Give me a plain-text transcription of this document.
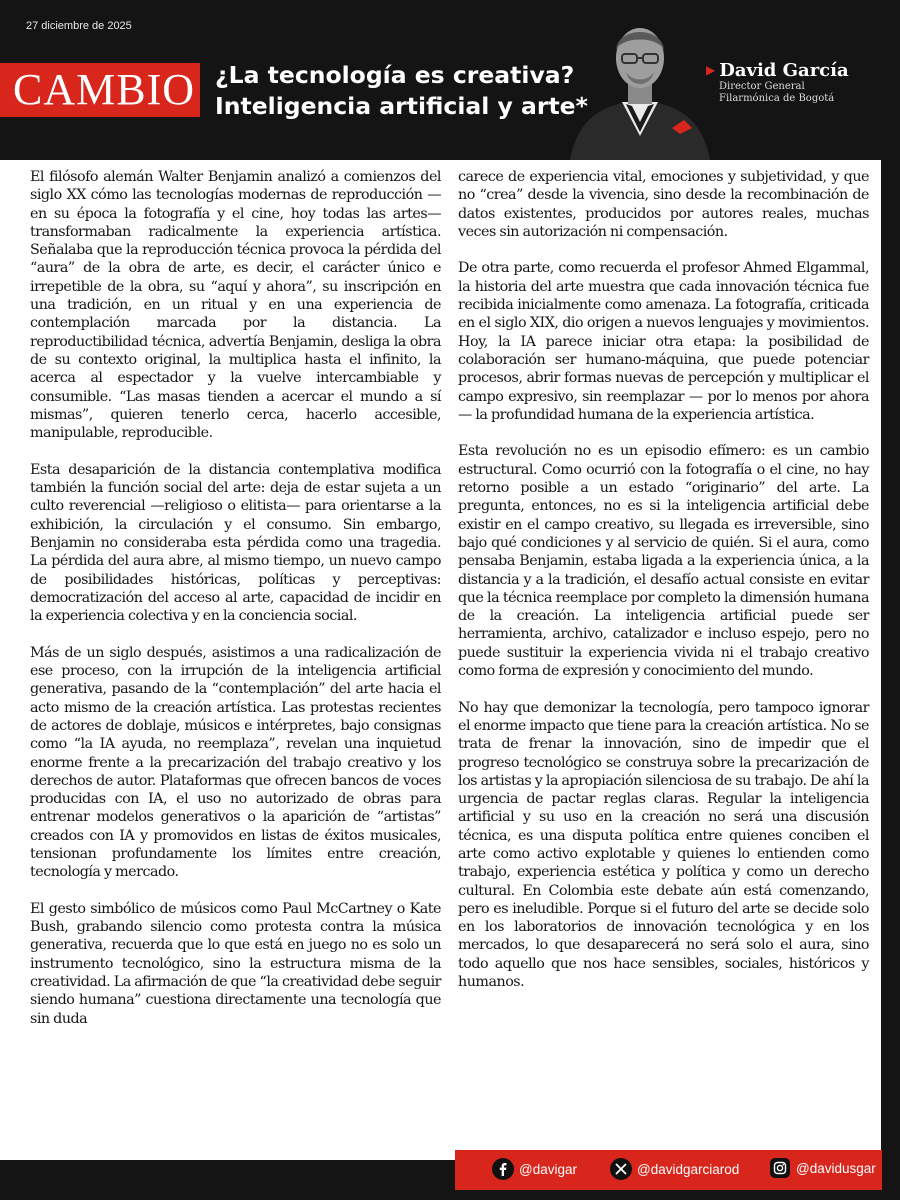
27 diciembre de 2025
CAMBIO ¿La tecnología es creativa?
Inteligencia artificial y arte*
▶ David García
Director General
Filarmónica de Bogotá

El filósofo alemán Walter Benjamin analizó a comienzos del siglo XX cómo las tecnologías modernas de reproducción —en su época la fotografía y el cine, hoy todas las artes— transformaban radicalmente la experiencia artística. Señalaba que la reproducción técnica provoca la pérdida del “aura” de la obra de arte, es decir, el carácter único e irrepetible de la obra, su “aquí y ahora”, su inscripción en una tradición, en un ritual y en una experiencia de contemplación marcada por la distancia. La reproductibilidad técnica, advertía Benjamin, desliga la obra de su contexto original, la multiplica hasta el infinito, la acerca al espectador y la vuelve intercambiable y consumible. “Las masas tienden a acercar el mundo a sí mismas”, quieren tenerlo cerca, hacerlo accesible, manipulable, reproducible.

Esta desaparición de la distancia contemplativa modifica también la función social del arte: deja de estar sujeta a un culto reverencial —religioso o elitista— para orientarse a la exhibición, la circulación y el consumo. Sin embargo, Benjamin no consideraba esta pérdida como una tragedia. La pérdida del aura abre, al mismo tiempo, un nuevo campo de posibilidades históricas, políticas y perceptivas: democratización del acceso al arte, capacidad de incidir en la experiencia colectiva y en la conciencia social.

Más de un siglo después, asistimos a una radicalización de ese proceso, con la irrupción de la inteligencia artificial generativa, pasando de la “contemplación” del arte hacia el acto mismo de la creación artística. Las protestas recientes de actores de doblaje, músicos e intérpretes, bajo consignas como “la IA ayuda, no reemplaza”, revelan una inquietud enorme frente a la precarización del trabajo creativo y los derechos de autor. Plataformas que ofrecen bancos de voces producidas con IA, el uso no autorizado de obras para entrenar modelos generativos o la aparición de “artistas” creados con IA y promovidos en listas de éxitos musicales, tensionan profundamente los límites entre creación, tecnología y mercado.

El gesto simbólico de músicos como Paul McCartney o Kate Bush, grabando silencio como protesta contra la música generativa, recuerda que lo que está en juego no es solo un instrumento tecnológico, sino la estructura misma de la creatividad. La afirmación de que “la creatividad debe seguir siendo humana” cuestiona directamente una tecnología que sin duda

carece de experiencia vital, emociones y subjetividad, y que no “crea” desde la vivencia, sino desde la recombinación de datos existentes, producidos por autores reales, muchas veces sin autorización ni compensación.

De otra parte, como recuerda el profesor Ahmed Elgammal, la historia del arte muestra que cada innovación técnica fue recibida inicialmente como amenaza. La fotografía, criticada en el siglo XIX, dio origen a nuevos lenguajes y movimientos. Hoy, la IA parece iniciar otra etapa: la posibilidad de colaboración ser humano-máquina, que puede potenciar procesos, abrir formas nuevas de percepción y multiplicar el campo expresivo, sin reemplazar — por lo menos por ahora— la profundidad humana de la experiencia artística.

Esta revolución no es un episodio efímero: es un cambio estructural. Como ocurrió con la fotografía o el cine, no hay retorno posible a un estado “originario” del arte. La pregunta, entonces, no es si la inteligencia artificial debe existir en el campo creativo, su llegada es irreversible, sino bajo qué condiciones y al servicio de quién. Si el aura, como pensaba Benjamin, estaba ligada a la experiencia única, a la distancia y a la tradición, el desafío actual consiste en evitar que la técnica reemplace por completo la dimensión humana de la creación. La inteligencia artificial puede ser herramienta, archivo, catalizador e incluso espejo, pero no puede sustituir la experiencia vivida ni el trabajo creativo como forma de expresión y conocimiento del mundo.

No hay que demonizar la tecnología, pero tampoco ignorar el enorme impacto que tiene para la creación artística. No se trata de frenar la innovación, sino de impedir que el progreso tecnológico se construya sobre la precarización de los artistas y la apropiación silenciosa de su trabajo. De ahí la urgencia de pactar reglas claras. Regular la inteligencia artificial y su uso en la creación no será una discusión técnica, es una disputa política entre quienes conciben el arte como activo explotable y quienes lo entienden como trabajo, experiencia estética y política y como un derecho cultural. En Colombia este debate aún está comenzando, pero es ineludible. Porque si el futuro del arte se decide solo en los laboratorios de innovación tecnológica y en los mercados, lo que desaparecerá no será solo el aura, sino todo aquello que nos hace sensibles, sociales, históricos y humanos.

@davigar	@davidgarciarod	@davidusgar
